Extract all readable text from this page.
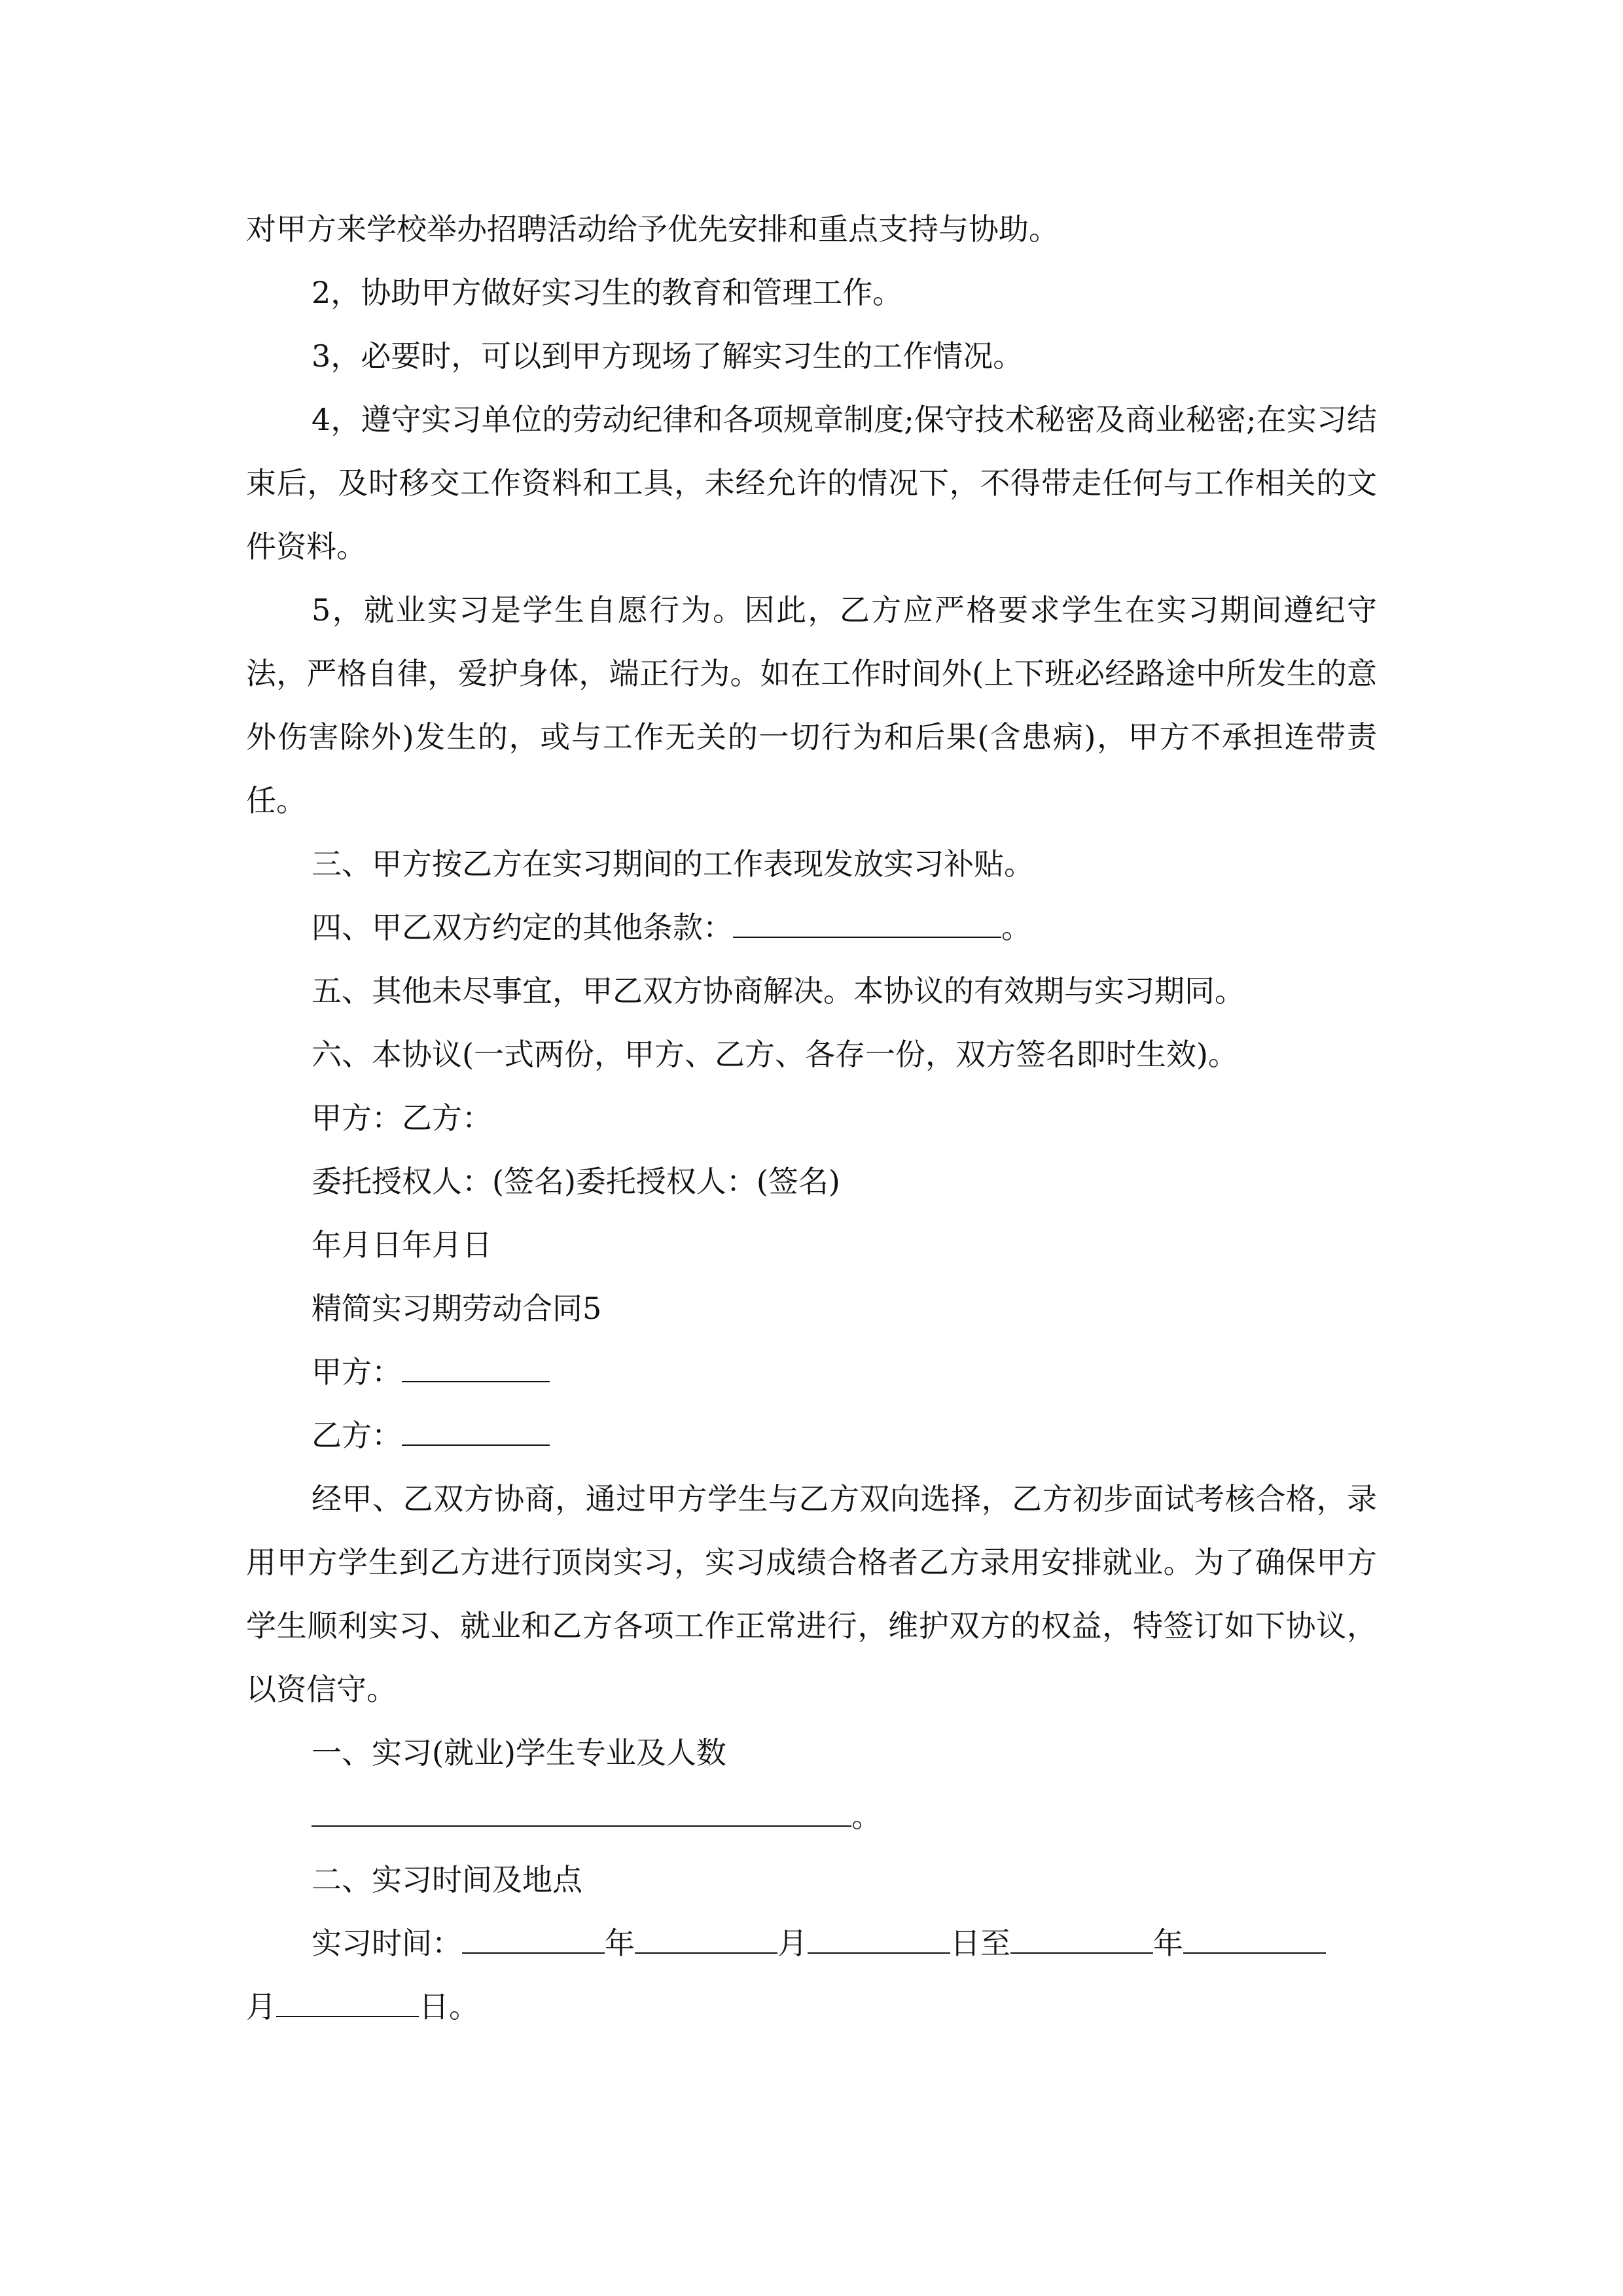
对甲方来学校举办招聘活动给予优先安排和重点支持与协助。

2，协助甲方做好实习生的教育和管理工作。

3，必要时，可以到甲方现场了解实习生的工作情况。

4，遵守实习单位的劳动纪律和各项规章制度;保守技术秘密及商业秘密;在实习结束后，及时移交工作资料和工具，未经允许的情况下，不得带走任何与工作相关的文件资料。

5，就业实习是学生自愿行为。因此，乙方应严格要求学生在实习期间遵纪守法，严格自律，爱护身体，端正行为。如在工作时间外(上下班必经路途中所发生的意外伤害除外)发生的，或与工作无关的一切行为和后果(含患病)，甲方不承担连带责任。

三、甲方按乙方在实习期间的工作表现发放实习补贴。

四、甲乙双方约定的其他条款：	。

五、其他未尽事宜，甲乙双方协商解决。本协议的有效期与实习期同。

六、本协议(一式两份，甲方、乙方、各存一份，双方签名即时生效)。

甲方：乙方：

委托授权人：(签名)委托授权人：(签名)

年月日年月日

精简实习期劳动合同5

甲方：

乙方：

经甲、乙双方协商，通过甲方学生与乙方双向选择，乙方初步面试考核合格，录用甲方学生到乙方进行顶岗实习，实习成绩合格者乙方录用安排就业。为了确保甲方学生顺利实习、就业和乙方各项工作正常进行，维护双方的权益，特签订如下协议，以资信守。

一、实习(就业)学生专业及人数

。

二、实习时间及地点

实习时间：	年	月	日至	年

月	日。
